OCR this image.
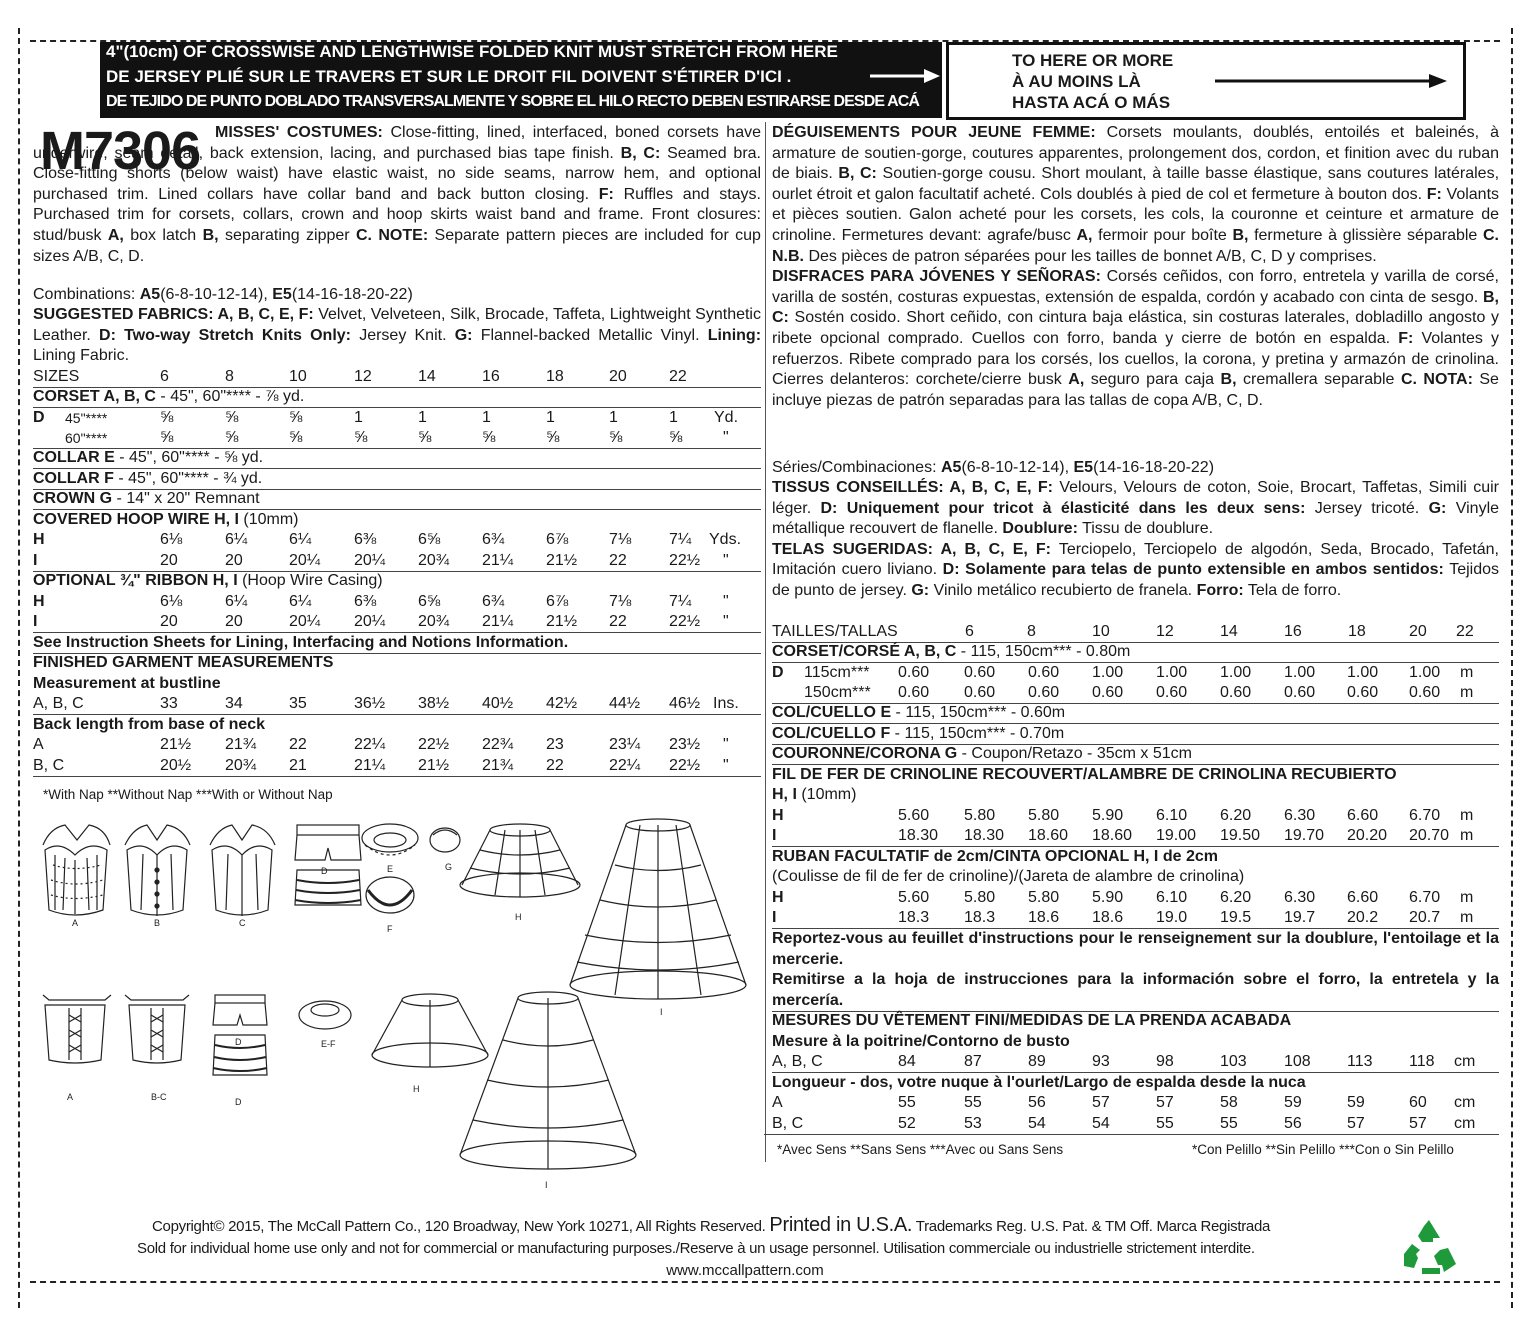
4"(10cm) OF CROSSWISE AND LENGTHWISE FOLDED KNIT MUST STRETCH FROM HERE
DE JERSEY PLIÉ SUR LE TRAVERS ET SUR LE DROIT FIL DOIVENT S'ÉTIRER D'ICI .
DE TEJIDO DE PUNTO DOBLADO TRANSVERSALMENTE Y SOBRE EL HILO RECTO DEBEN ESTIRARSE DESDE ACÁ
TO HERE OR MORE
À AU MOINS LÀ
HASTA ACÁ O MÁS
M7306 MISSES' COSTUMES: Close-fitting, lined, interfaced, boned corsets have underwire, seam detail, back extension, lacing, and purchased bias tape finish. B, C: Seamed bra. Close-fitting shorts (below waist) have elastic waist, no side seams, narrow hem, and optional purchased trim. Lined collars have collar band and back button closing. F: Ruffles and stays. Purchased trim for corsets, collars, crown and hoop skirts waist band and frame. Front closures: stud/busk A, box latch B, separating zipper C. NOTE: Separate pattern pieces are included for cup sizes A/B, C, D.

Combinations: A5(6-8-10-12-14), E5(14-16-18-20-22)
SUGGESTED FABRICS: A, B, C, E, F: Velvet, Velveteen, Silk, Brocade, Taffeta, Lightweight Synthetic Leather. D: Two-way Stretch Knits Only: Jersey Knit. G: Flannel-backed Metallic Vinyl. Lining: Lining Fabric.
SIZES	6	8	10	12	14	16	18	20	22
CORSET A, B, C - 45", 60"**** - ⅞ yd.
D 45"****	⅝	⅝	⅝	1	1	1	1	1	1 Yd.
60"****	⅝	⅝	⅝	⅝	⅝	⅝	⅝	⅝	⅝	"
COLLAR E - 45", 60"**** - ⅝ yd.
COLLAR F - 45", 60"**** - ¾ yd.
CROWN G - 14" x 20" Remnant
COVERED HOOP WIRE H, I (10mm)
H	6⅛	6¼	6¼	6⅜	6⅝	6¾	6⅞	7⅛ 7¼ Yds.
I	20	20	20¼ 20¼ 20¾ 21¼ 21½ 22	22½ "
OPTIONAL ¾" RIBBON H, I (Hoop Wire Casing)
H	6⅛	6¼	6¼	6⅜	6⅝	6¾	6⅞	7⅛ 7¼ "
I	20	20	20¼ 20¼ 20¾ 21¼ 21½ 22	22½ "
See Instruction Sheets for Lining, Interfacing and Notions Information.
FINISHED GARMENT MEASUREMENTS
Measurement at bustline
A, B, C	33	34	35	36½ 38½ 40½ 42½ 44½ 46½ Ins.
Back length from base of neck
A	21½ 21¾ 22	22¼ 22½ 22¾ 23	23¼ 23½ "
B, C	20½ 20¾ 21	21¼ 21½ 21¾ 22	22¼ 22½ "
*With Nap **Without Nap ***With or Without Nap

DÉGUISEMENTS POUR JEUNE FEMME: Corsets moulants, doublés, entoilés et baleinés, à armature de soutien-gorge, coutures apparentes, prolongement dos, cordon, et finition avec du ruban de biais. B, C: Soutien-gorge cousu. Short moulant, à taille basse élastique, sans coutures latérales, ourlet étroit et galon facultatif acheté. Cols doublés à pied de col et fermeture à bouton dos. F: Volants et pièces soutien. Galon acheté pour les corsets, les cols, la couronne et ceinture et armature de crinoline. Fermetures devant: agrafe/busc A, fermoir pour boîte B, fermeture à glissière séparable C. N.B. Des pièces de patron séparées pour les tailles de bonnet A/B, C, D y comprises.

DISFRACES PARA JÓVENES Y SEÑORAS: Corsés ceñidos, con forro, entretela y varilla de corsé, varilla de sostén, costuras expuestas, extensión de espalda, cordón y acabado con cinta de sesgo. B, C: Sostén cosido. Short ceñido, con cintura baja elástica, sin costuras laterales, dobladillo angosto y ribete opcional comprado. Cuellos con forro, banda y cierre de botón en espalda. F: Volantes y refuerzos. Ribete comprado para los corsés, los cuellos, la corona, y pretina y armazón de crinolina. Cierres delanteros: corchete/cierre busk A, seguro para caja B, cremallera separable C. NOTA: Se incluye piezas de patrón separadas para las tallas de copa A/B, C, D.

Séries/Combinaciones: A5(6-8-10-12-14), E5(14-16-18-20-22)

TISSUS CONSEILLÉS: A, B, C, E, F: Velours, Velours de coton, Soie, Brocart, Taffetas, Simili cuir léger. D: Uniquement pour tricot à élasticité dans les deux sens: Jersey tricoté. G: Vinyle métallique recouvert de flanelle. Doublure: Tissu de doublure.

TELAS SUGERIDAS: A, B, C, E, F: Terciopelo, Terciopelo de algodón, Seda, Brocado, Tafetán, Imitación cuero liviano. D: Solamente para telas de punto extensible en ambos sentidos: Tejidos de punto de jersey. G: Vinilo metálico recubierto de franela. Forro: Tela de forro.

TAILLES/TALLAS	6	8	10	12	14	16	18	20 22
CORSET/CORSÉ A, B, C - 115, 150cm*** - 0.80m
D 115cm*** 0.60 0.60 0.60 1.00 1.00 1.00 1.00 1.00 1.00 m
150cm*** 0.60 0.60 0.60 0.60 0.60 0.60 0.60 0.60 0.60 m
COL/CUELLO E - 115, 150cm*** - 0.60m
COL/CUELLO F - 115, 150cm*** - 0.70m
COURONNE/CORONA G - Coupon/Retazo - 35cm x 51cm
FIL DE FER DE CRINOLINE RECOUVERT/ALAMBRE DE CRINOLINA RECUBIERTO
H, I (10mm)
H	5.60 5.80 5.80 5.90 6.10 6.20 6.30 6.60 6.70 m
I	18.30 18.30 18.60 18.60 19.00 19.50 19.70 20.20 20.70 m
RUBAN FACULTATIF de 2cm/CINTA OPCIONAL H, I de 2cm
(Coulisse de fil de fer de crinoline)/(Jareta de alambre de crinolina)
H	5.60 5.80 5.80 5.90 6.10 6.20 6.30 6.60 6.70 m
I	18.3 18.3 18.6 18.6 19.0 19.5 19.7 20.2 20.7 m
Reportez-vous au feuillet d'instructions pour le renseignement sur la doublure, l'entoilage et la mercerie.
Remitirse a la hoja de instrucciones para la información sobre el forro, la entretela y la mercería.
MESURES DU VÊTEMENT FINI/MEDIDAS DE LA PRENDA ACABADA
Mesure à la poitrine/Contorno de busto
A, B, C	84	87	89	93	98	103 108 113 118 cm
Longueur - dos, votre nuque à l'ourlet/Largo de espalda desde la nuca
A	55	55	56	57	57	58	59	59	60 cm
B, C	52	53	54	54	55	55	56	57	57 cm
*Avec Sens **Sans Sens ***Avec ou Sans Sens	*Con Pelillo **Sin Pelillo ***Con o Sin Pelillo
A	B	C
D	E
F
G
H
I
A	B-C
D
D
E-F
H
I
Copyright© 2015, The McCall Pattern Co., 120 Broadway, New York 10271, All Rights Reserved. Printed in U.S.A. Trademarks Reg. U.S. Pat. & TM Off. Marca Registrada
Sold for individual home use only and not for commercial or manufacturing purposes./Reserve à un usage personnel. Utilisation commerciale ou industrielle strictement interdite.
www.mccallpattern.com
